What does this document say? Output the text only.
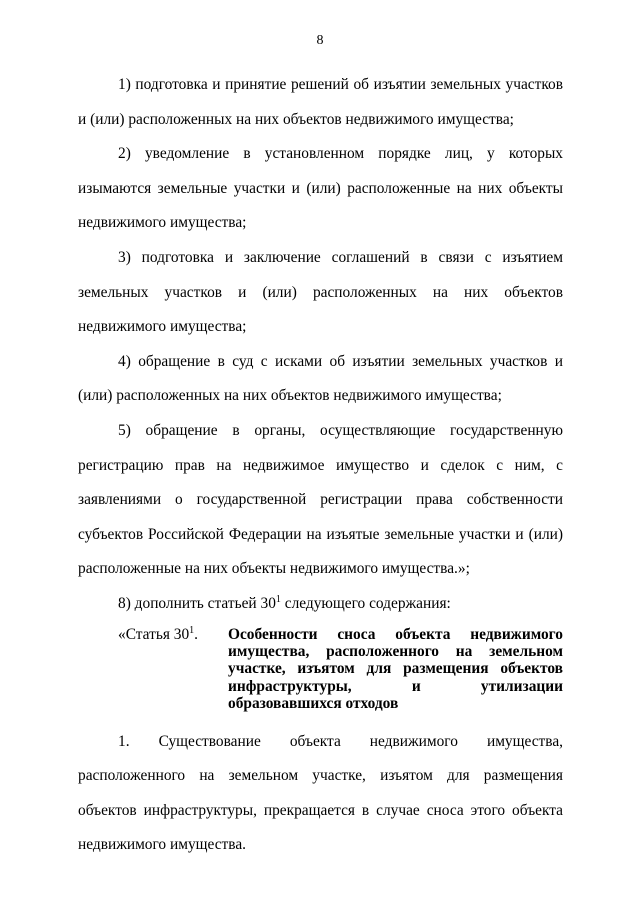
8

1) подготовка и принятие решений об изъятии земельных участков и (или) расположенных на них объектов недвижимого имущества;

2) уведомление в установленном порядке лиц, у которых изымаются земельные участки и (или) расположенные на них объекты недвижимого имущества;

3) подготовка и заключение соглашений в связи с изъятием земельных участков и (или) расположенных на них объектов недвижимого имущества;

4) обращение в суд с исками об изъятии земельных участков и (или) расположенных на них объектов недвижимого имущества;

5) обращение в органы, осуществляющие государственную регистрацию прав на недвижимое имущество и сделок с ним, с заявлениями о государственной регистрации права собственности субъектов Российской Федерации на изъятые земельные участки и (или) расположенные на них объекты недвижимого имущества.»;

8) дополнить статьей $30^1$ следующего содержания:

«Статья $30^1$.	Особенности сноса объекта недвижимого имущества, расположенного на земельном участке, изъятом для размещения объектов инфраструктуры, и утилизации образовавшихся отходов

1. Существование объекта недвижимого имущества, расположенного на земельном участке, изъятом для размещения объектов инфраструктуры, прекращается в случае сноса этого объекта недвижимого имущества.
